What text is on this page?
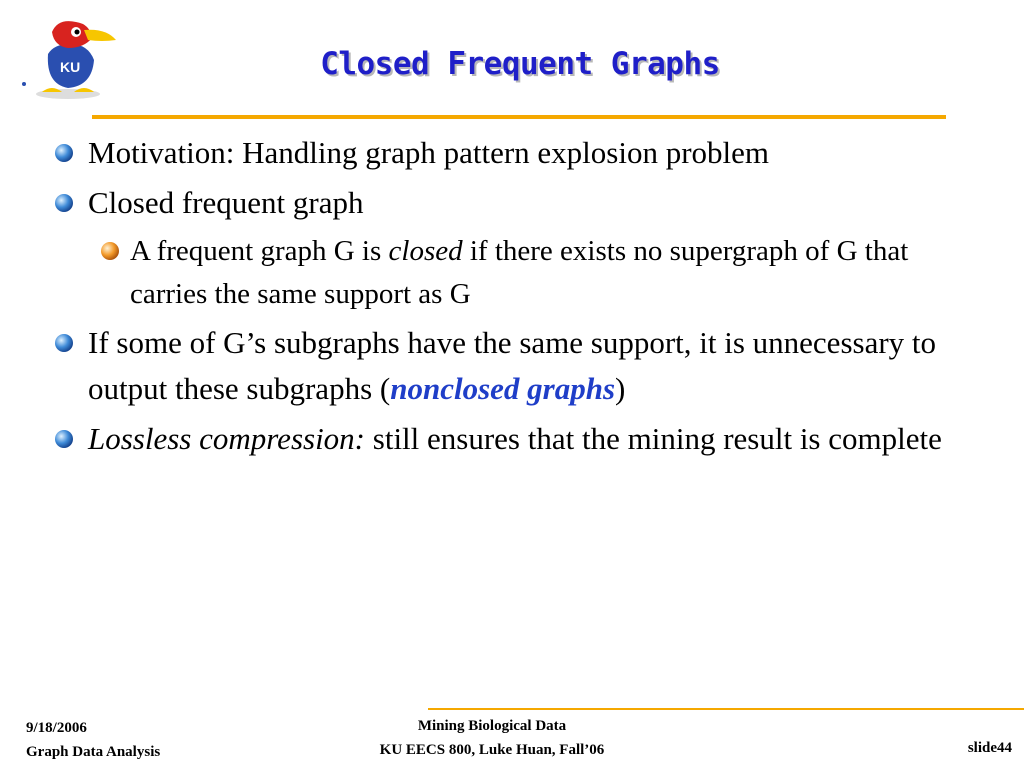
KU	Closed Frequent Graphs
Motivation: Handling graph pattern explosion problem
Closed frequent graph
A frequent graph G is closed if there exists no supergraph of G that carries the same support as G
If some of G’s subgraphs have the same support, it is unnecessary to output these subgraphs (nonclosed graphs)
Lossless compression: still ensures that the mining result is complete
9/18/2006
Graph Data Analysis
Mining Biological Data
KU EECS 800, Luke Huan, Fall’06	slide44
